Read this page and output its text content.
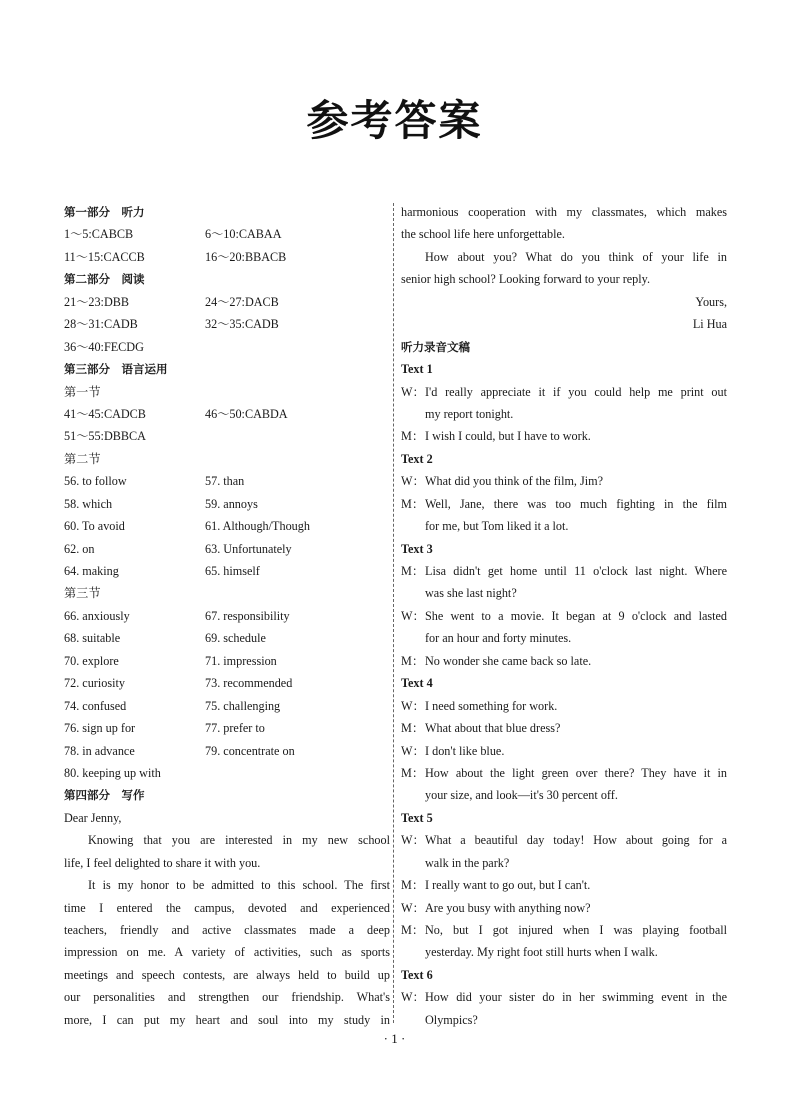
参考答案
第一部分　听力
1～5:CABCB	6～10:CABAA
11～15:CACCB	16～20:BBACB
第二部分　阅读
21～23:DBB	24～27:DACB
28～31:CADB	32～35:CADB
36～40:FECDG
第三部分　语言运用
第一节
41～45:CADCB	46～50:CABDA
51～55:DBBCA
第二节
56. to follow	57. than
58. which	59. annoys
60. To avoid	61. Although/Though
62. on	63. Unfortunately
64. making	65. himself
第三节
66. anxiously	67. responsibility
68. suitable	69. schedule
70. explore	71. impression
72. curiosity	73. recommended
74. confused	75. challenging
76. sign up for	77. prefer to
78. in advance	79. concentrate on
80. keeping up with
第四部分　写作
Dear Jenny,
Knowing that you are interested in my new school
life, I feel delighted to share it with you.
It is my honor to be admitted to this school. The first
time I entered the campus, devoted and experienced
teachers, friendly and active classmates made a deep
impression on me. A variety of activities, such as sports
meetings and speech contests, are always held to build up
our personalities and strengthen our friendship. What's
more, I can put my heart and soul into my study in
harmonious cooperation with my classmates, which makes
the school life here unforgettable.
How about you? What do you think of your life in
senior high school? Looking forward to your reply.
Yours,
Li Hua
听力录音文稿
Text 1
W： I'd really appreciate it if you could help me print out
my report tonight.
M： I wish I could, but I have to work.
Text 2
W： What did you think of the film, Jim?
M： Well, Jane, there was too much fighting in the film
for me, but Tom liked it a lot.
Text 3
M： Lisa didn't get home until 11 o'clock last night. Where
was she last night?
W： She went to a movie. It began at 9 o'clock and lasted
for an hour and forty minutes.
M： No wonder she came back so late.
Text 4
W： I need something for work.
M： What about that blue dress?
W： I don't like blue.
M： How about the light green over there? They have it in
your size, and look—it's 30 percent off.
Text 5
W： What a beautiful day today! How about going for a
walk in the park?
M： I really want to go out, but I can't.
W： Are you busy with anything now?
M： No, but I got injured when I was playing football
yesterday. My right foot still hurts when I walk.
Text 6
W： How did your sister do in her swimming event in the
Olympics?
· 1 ·
